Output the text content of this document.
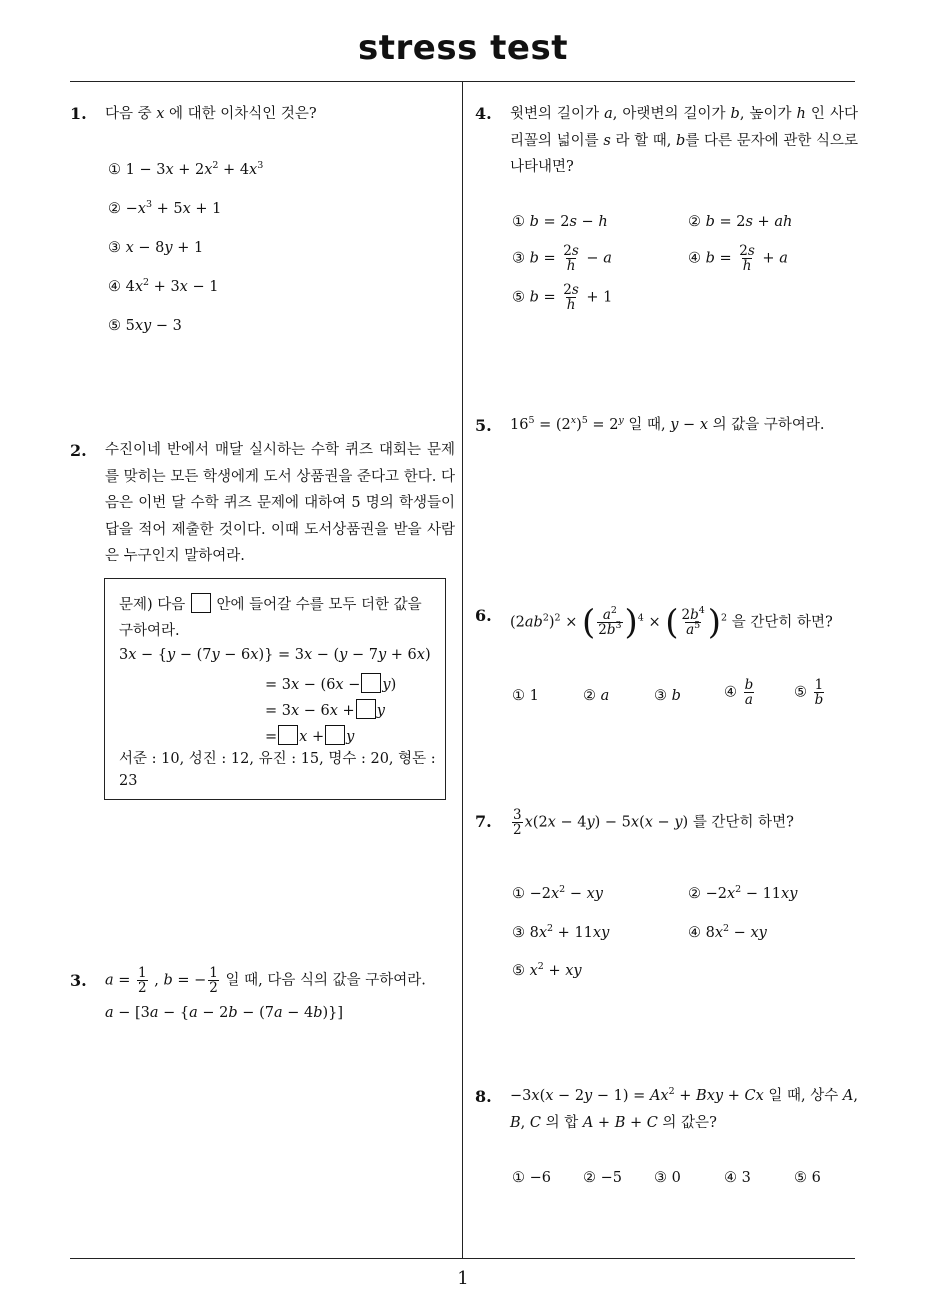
stress test
1
1. 다음 중 x 에 대한 이차식인 것은?
① $1 - 3x + 2x^2 + 4x^3$
② $-x^3 + 5x + 1$
③ x − 8y + 1
④ $4x^2 + 3x - 1$
⑤ 5xy − 3
2. 수진이네 반에서 매달 실시하는 수학 퀴즈 대회는 문제를 맞히는 모든 학생에게 도서 상품권을 준다고 한다. 다음은 이번 달 수학 퀴즈 문제에 대하여 5 명의 학생들이 답을 적어 제출한 것이다. 이때 도서상품권을 받을 사람은 누구인지 말하여라.
문제) 다음 안에 들어갈 수를 모두 더한 값을
구하여라.
3x − {y − (7y − 6x)} = 3x − (y − 7y + 6x)
= 3x − (6x − y)
= 3x − 6x + y
= x + y
서준 : 10, 성진 : 12, 유진 : 15, 명수 : 20, 형돈 :
23
3. $a = \frac{1}{2}$ , b = − $\frac{1}{2}$ 일 때, 다음 식의 값을 구하여라.
a − [3a − {a − 2b − (7a − 4b)}]
4. 윗변의 길이가 a, 아랫변의 길이가 b, 높이가 h 인 사다리꼴의 넓이를 s 라 할 때, b를 다른 문자에 관한 식으로 나타내면?
① b = 2s − h	② b = 2s + ah
③ $b = \frac{2s}{h} - a$	④ $b = \frac{2s}{h} + a$
⑤ $b = \frac{2s}{h} + 1$
5. $16^5 = (2^x)^5 = 2^y$ 일 때, y − x 의 값을 구하여라.
6. $(2ab^2)^2$ × ( $\frac{a^2}{2b^3} )^4$ × ( $\frac{2b^4}{a^5} )^2$ 을 간단히 하면?
① 1	② a	③ b	④ $\frac{b}{a}$	⑤ $\frac{1}{b}$
7. $\frac{3}{2} x(2x - 4y) - 5x(x - y)$ 를 간단히 하면?
① $-2x^2$ − xy	② $-2x^2 - 11xy$
③ $8x^2 + 11xy$	④ $8x^2$ − xy
⑤ $x^2$ + xy
8. $-3x(x - 2y - 1) = Ax^2$ + Bxy + Cx 일 때, 상수 A, B, C 의 합 A + B + C 의 값은?
① −6 ② −5 ③ 0	④ 3	⑤ 6
